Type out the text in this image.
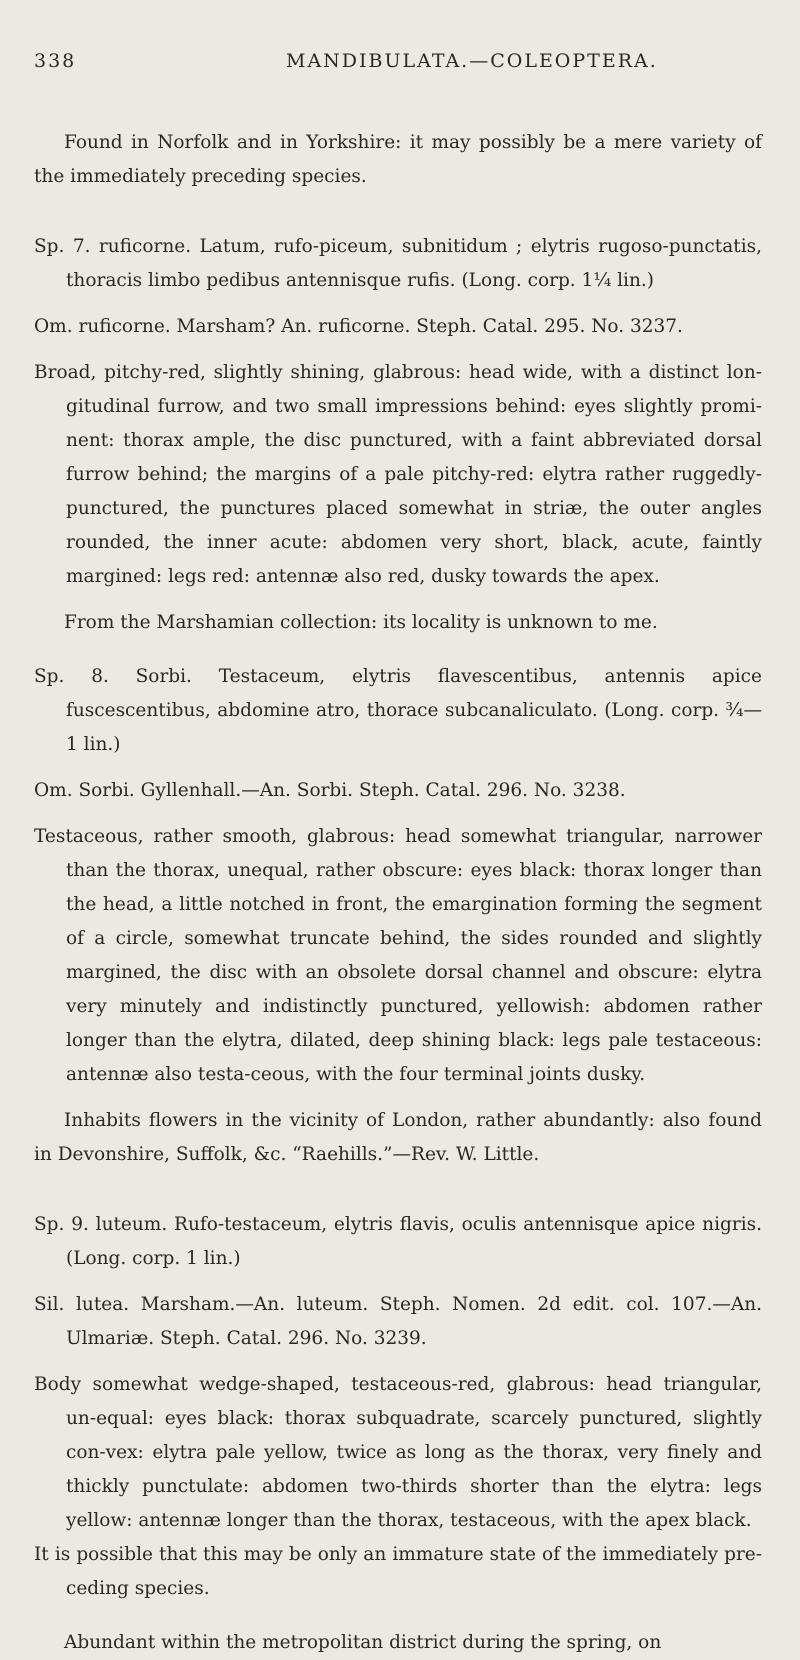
338	MANDIBULATA.—COLEOPTERA.

Found in Norfolk and in Yorkshire: it may possibly be a mere variety of the immediately preceding species.

Sp. 7. ruficorne. Latum, rufo-piceum, subnitidum ; elytris rugoso-punctatis, thoracis limbo pedibus antennisque rufis. (Long. corp. 1¼ lin.)

Om. ruficorne. Marsham? An. ruficorne. Steph. Catal. 295. No. 3237.

Broad, pitchy-red, slightly shining, glabrous: head wide, with a distinct lon-gitudinal furrow, and two small impressions behind: eyes slightly promi-nent: thorax ample, the disc punctured, with a faint abbreviated dorsal furrow behind; the margins of a pale pitchy-red: elytra rather ruggedly-punctured, the punctures placed somewhat in striæ, the outer angles rounded, the inner acute: abdomen very short, black, acute, faintly margined: legs red: antennæ also red, dusky towards the apex.

From the Marshamian collection: its locality is unknown to me.

Sp. 8. Sorbi. Testaceum, elytris flavescentibus, antennis apice fuscescentibus, abdomine atro, thorace subcanaliculato. (Long. corp. ¾—1 lin.)

Om. Sorbi. Gyllenhall.—An. Sorbi. Steph. Catal. 296. No. 3238.

Testaceous, rather smooth, glabrous: head somewhat triangular, narrower than the thorax, unequal, rather obscure: eyes black: thorax longer than the head, a little notched in front, the emargination forming the segment of a circle, somewhat truncate behind, the sides rounded and slightly margined, the disc with an obsolete dorsal channel and obscure: elytra very minutely and indistinctly punctured, yellowish: abdomen rather longer than the elytra, dilated, deep shining black: legs pale testaceous: antennæ also testa-ceous, with the four terminal joints dusky.

Inhabits flowers in the vicinity of London, rather abundantly: also found in Devonshire, Suffolk, &c. “Raehills.”—Rev. W. Little.

Sp. 9. luteum. Rufo-testaceum, elytris flavis, oculis antennisque apice nigris. (Long. corp. 1 lin.)

Sil. lutea. Marsham.—An. luteum. Steph. Nomen. 2d edit. col. 107.—An. Ulmariæ. Steph. Catal. 296. No. 3239.

Body somewhat wedge-shaped, testaceous-red, glabrous: head triangular, un-equal: eyes black: thorax subquadrate, scarcely punctured, slightly con-vex: elytra pale yellow, twice as long as the thorax, very finely and thickly punctulate: abdomen two-thirds shorter than the elytra: legs yellow: antennæ longer than the thorax, testaceous, with the apex black.

It is possible that this may be only an immature state of the immediately pre-ceding species.

Abundant within the metropolitan district during the spring, on
